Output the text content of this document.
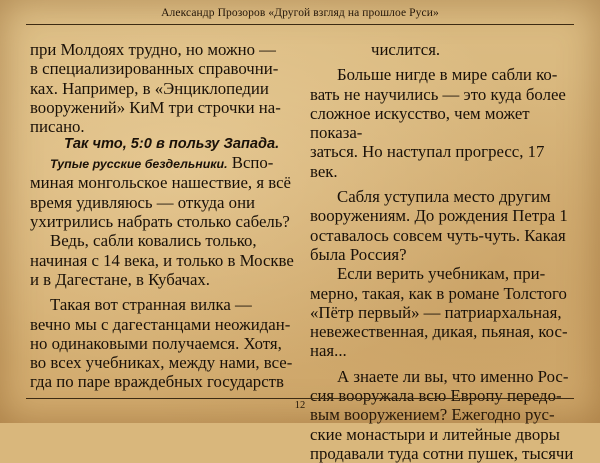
Александр Прозоров «Другой взгляд на прошлое Руси»

при Молдоях трудно, но можно —
в специализированных справочни-
ках. Например, в «Энциклопедии
вооружений» КиМ три строчки на-
писано.

Так что, 5:0 в пользу Запада.

Тупые русские бездельники. Вспо-

миная монгольское нашествие, я всё
время удивляюсь — откуда они
ухитрились набрать столько сабель?

Ведь, сабли ковались только,
начиная с 14 века, и только в Москве
и в Дагестане, в Кубачах.

Такая вот странная вилка —
вечно мы с дагестанцами неожидан-
но одинаковыми получаемся. Хотя,
во всех учебниках, между нами, все-
гда по паре враждебных государств

числится.

Больше нигде в мире сабли ко-
вать не научились — это куда более
сложное искусство, чем может показа-
заться. Но наступал прогресс, 17 век.

Сабля уступила место другим
вооружениям. До рождения Петра 1
оставалось совсем чуть-чуть. Какая
была Россия?

Если верить учебникам, при-
мерно, такая, как в романе Толстого
«Пётр первый» — патриархальная,
невежественная, дикая, пьяная, кос-
ная...

А знаете ли вы, что именно Рос-
сия вооружала всю Европу передо-
вым вооружением? Ежегодно рус-
ские монастыри и литейные дворы
продавали туда сотни пушек, тысячи

12
